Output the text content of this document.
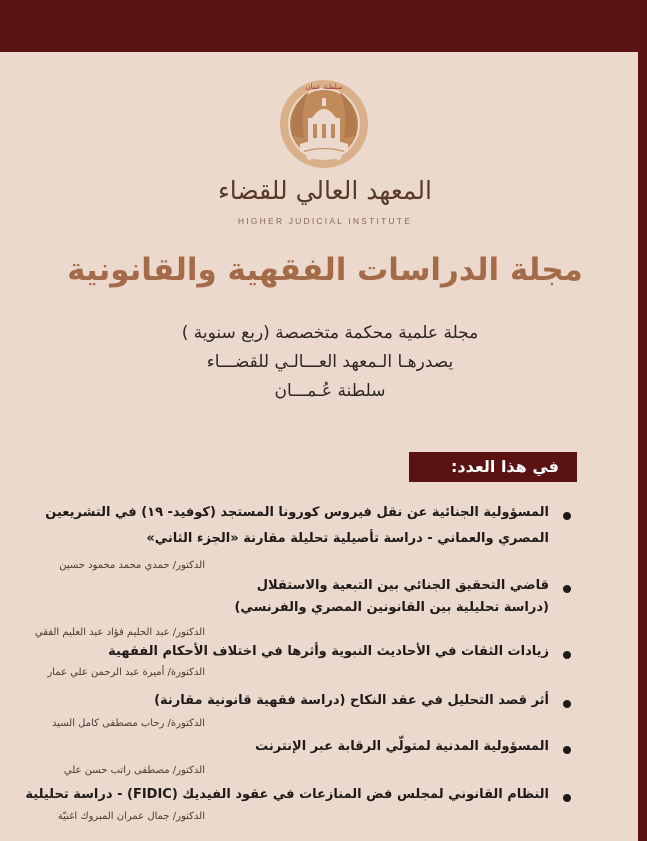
سلطنة عمان
المعهد العالي للقضاء
HIGHER JUDICIAL INSTITUTE
مجلة الدراسات الفقهية والقانونية
مجلة علمية محكمة متخصصة (ربع سنوية )
يصدرهـا الـمعهد العـــالـي للقضـــاء
سلطنة عُـمـــان
في هذا العدد:
المسؤولية الجنائية عن نقل فيروس كورونا المستجد (كوفيد- ١٩) في التشريعين
المصري والعماني - دراسة تأصيلية تحليلة مقارنة «الجزء الثاني»
الدكتور/ حمدي محمد محمود حسين
قاضي التحقيق الجنائي بين التبعية والاستقلال
(دراسة تحليلية بين القانونين المصري والفرنسي)
الدكتور/ عبد الحليم فؤاد عبد العليم الفقي
زيادات الثقات في الأحاديث النبوية وأثرها في اختلاف الأحكام الفقهية
الدكتورة/ أميرة عبد الرحمن علي عمار
أثر قصد التحليل في عقد النكاح (دراسة فقهية قانونية مقارنة)
الدكتورة/ رحاب مصطفى كامل السيد
المسؤولية المدنية لمتولّي الرقابة عبر الإنترنت
الدكتور/ مصطفى راتب حسن علي
النظام القانوني لمجلس فض المنازعات في عقود الفيديك (FIDIC) - دراسة تحليلية
الدكتور/ جمال عمران المبروك اغنيّة
